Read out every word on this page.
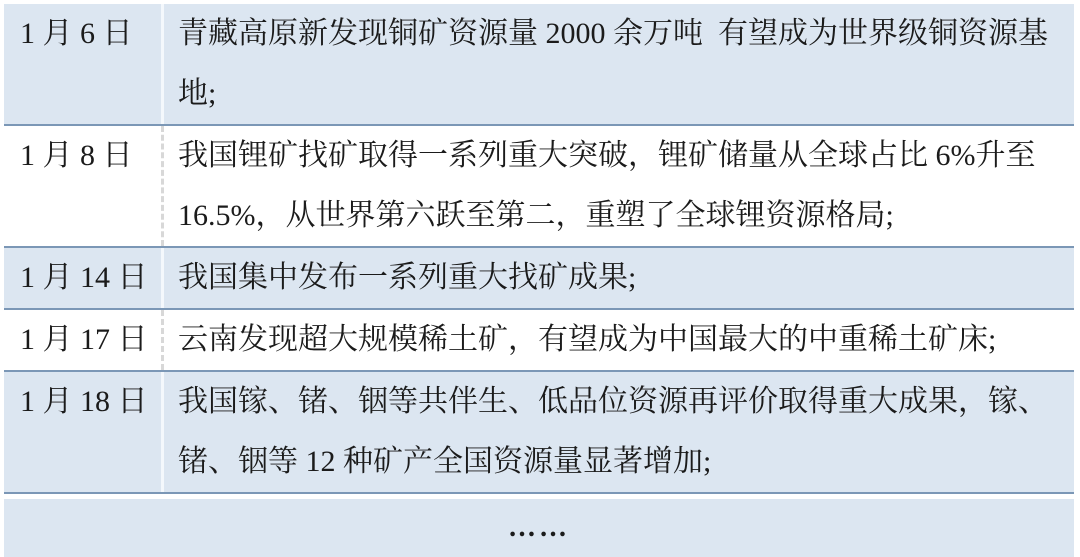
1 月 6 日	青藏高原新发现铜矿资源量 2000 余万吨  有望成为世界级铜资源基地;
1 月 8 日	我国锂矿找矿取得一系列重大突破，锂矿储量从全球占比 6%升至 16.5%，从世界第六跃至第二，重塑了全球锂资源格局;
1 月 14 日	我国集中发布一系列重大找矿成果;
1 月 17 日	云南发现超大规模稀土矿，有望成为中国最大的中重稀土矿床;
1 月 18 日	我国镓、锗、铟等共伴生、低品位资源再评价取得重大成果，镓、锗、铟等 12 种矿产全国资源量显著增加;
……
